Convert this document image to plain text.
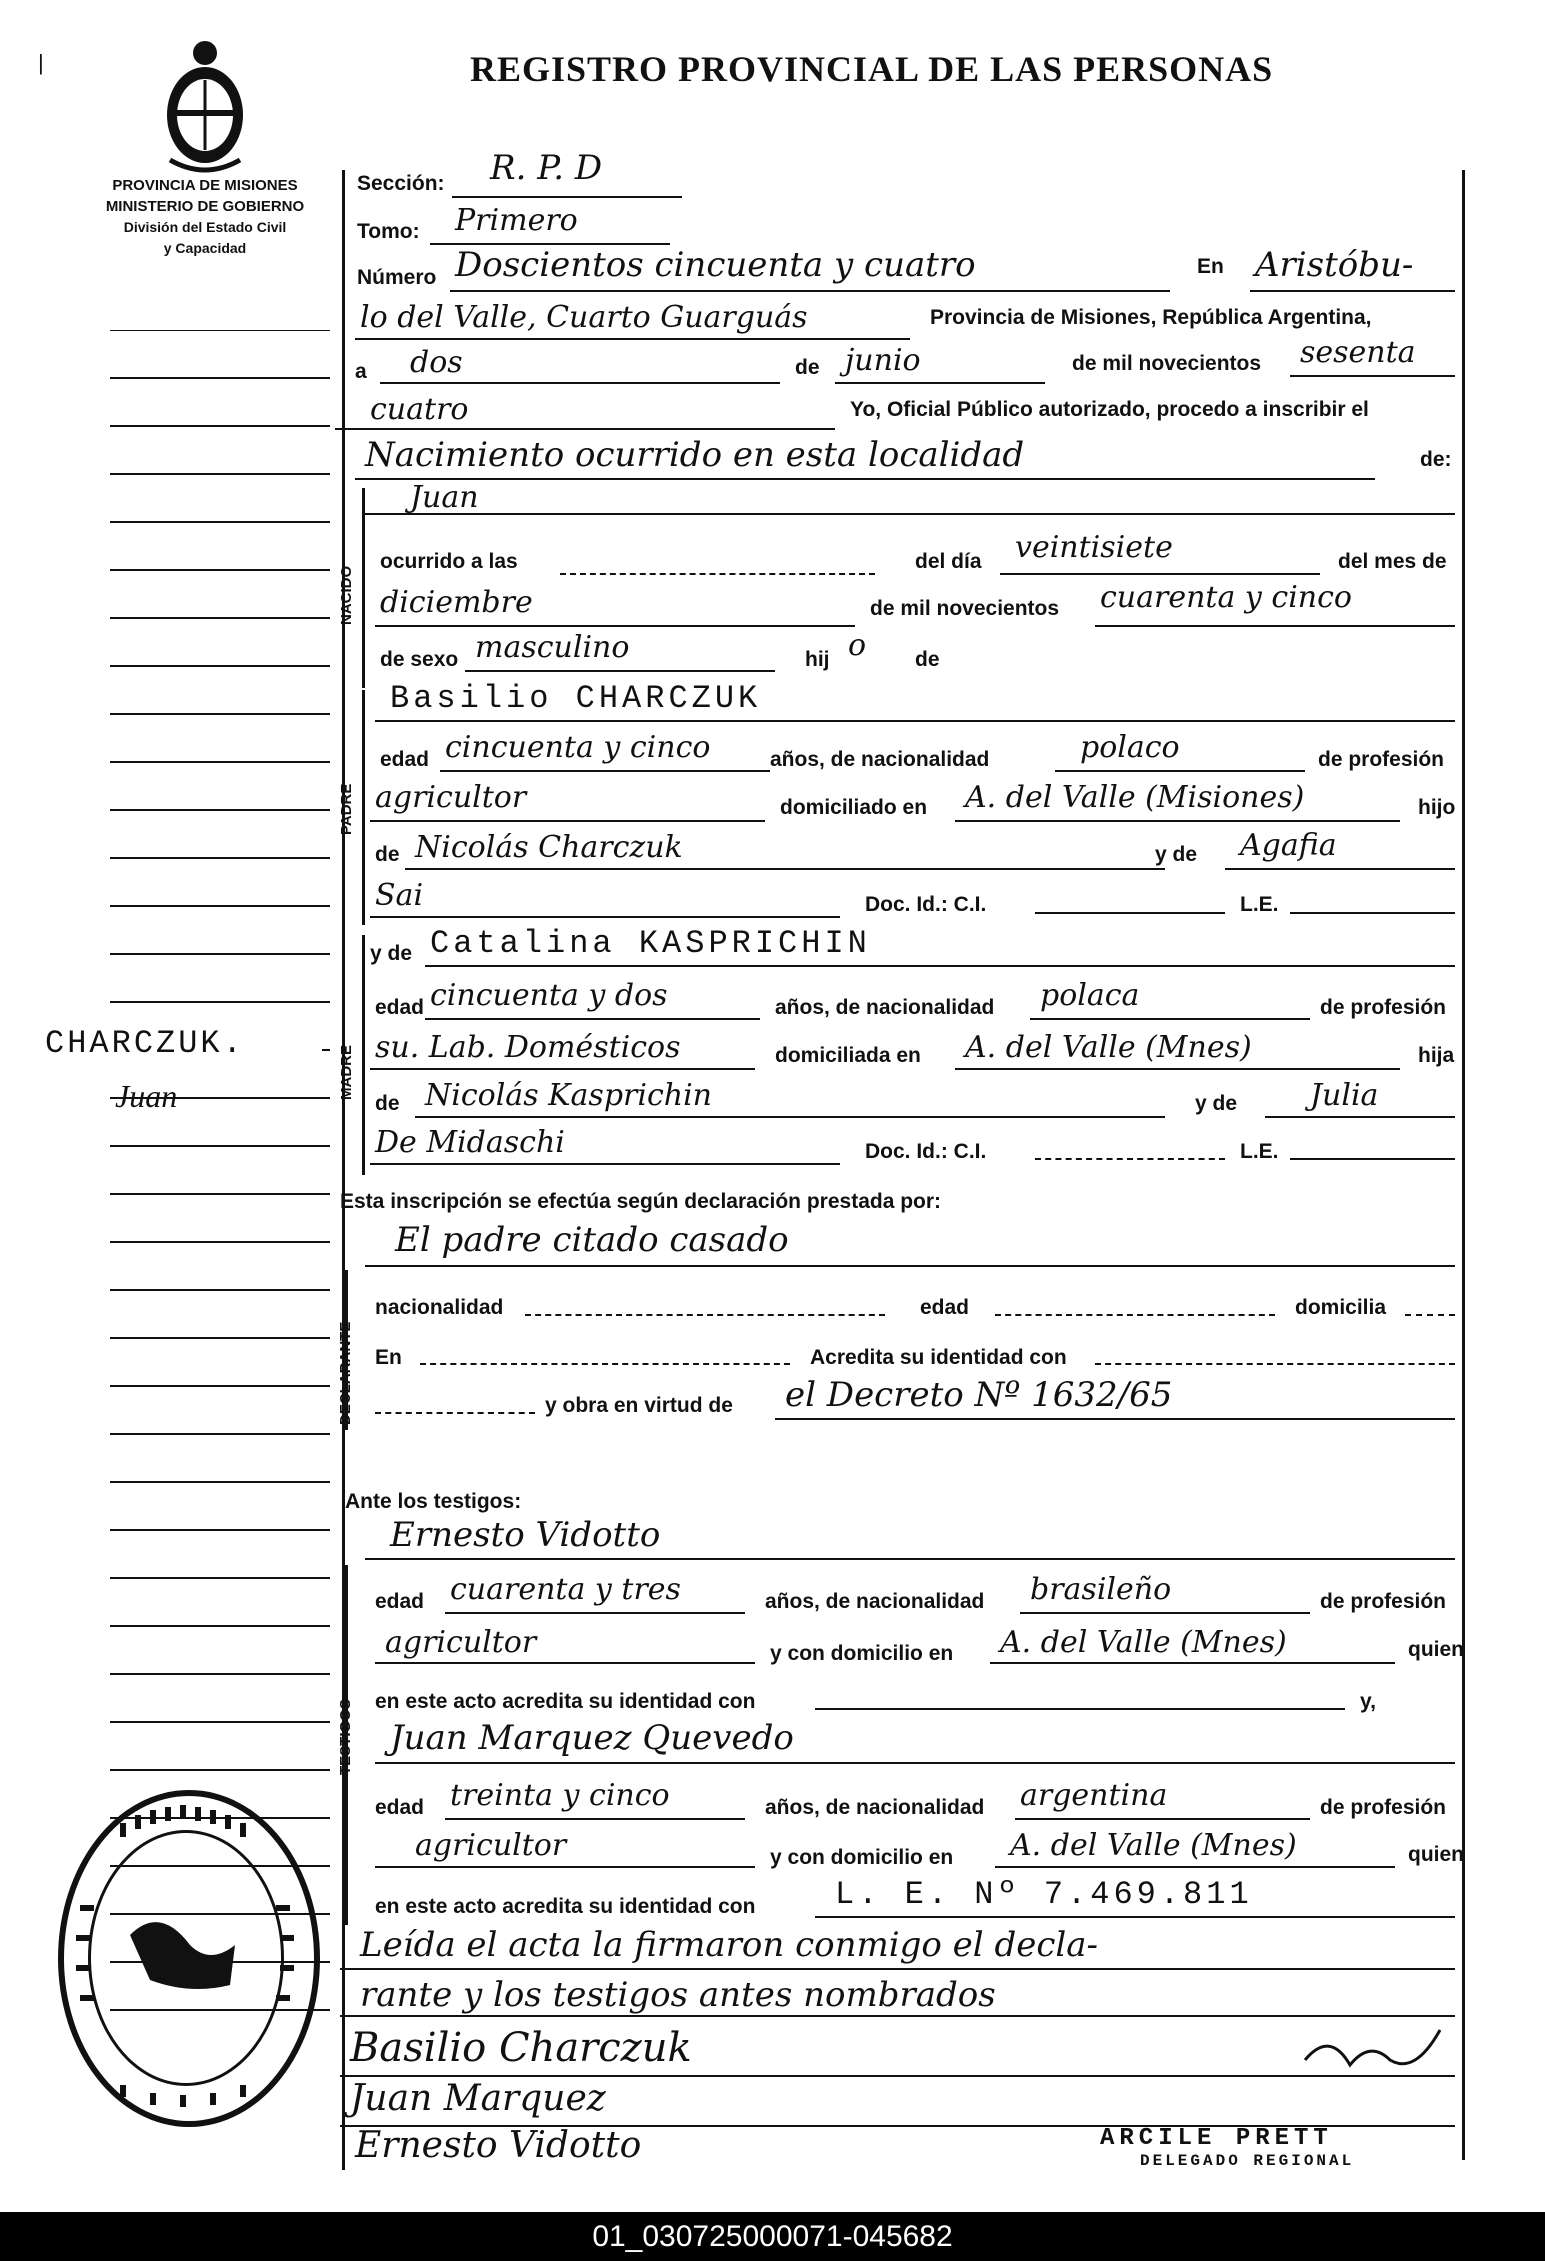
REGISTRO PROVINCIAL DE LAS PERSONAS
PROVINCIA DE MISIONES
MINISTERIO DE GOBIERNO
División del Estado Civil
y Capacidad
CHARCZUK.
Juan
Sección: R. P. D
Tomo: Primero
Número Doscientos cincuenta y cuatro	En Aristóbu-
lo del Valle, Cuarto Guarguás	Provincia de Misiones, República Argentina,
a dos	de junio	de mil novecientos sesenta
cuatro	Yo, Oficial Público autorizado, procedo a inscribir el
Nacimiento ocurrido en esta localidad	de:
NACIDO
Juan
ocurrido a las	del día veintisiete	del mes de
diciembre	de mil novecientos cuarenta y cinco
de sexo masculino	hij o de
PADRE
Basilio CHARCZUK
edad cincuenta y cinco	años, de nacionalidad	polaco	de profesión
agricultor	domiciliado en A. del Valle (Misiones)	hijo
de Nicolás Charczuk	y de Agafia
Sai	Doc. Id.: C.I.	L.E.
MADRE
y de Catalina KASPRICHIN
edad cincuenta y dos	años, de nacionalidad polaca	de profesión
su. Lab. Domésticos	domiciliada en A. del Valle (Mnes)	hija
de Nicolás Kasprichin	y de Julia
De Midaschi	Doc. Id.: C.I.	L.E.
Esta inscripción se efectúa según declaración prestada por:
El padre citado casado
DECLARANTE
nacionalidad	edad	domicilia
En	Acredita su identidad con
y obra en virtud de el Decreto Nº 1632/65
Ante los testigos:
Ernesto Vidotto
TESTIGOS
edad cuarenta y tres	años, de nacionalidad brasileño	de profesión
agricultor	y con domicilio en A. del Valle (Mnes)	quien
en este acto acredita su identidad con	y,
Juan Marquez Quevedo
edad treinta y cinco	años, de nacionalidad argentina	de profesión
agricultor	y con domicilio en A. del Valle (Mnes)	quien
en este acto acredita su identidad con L. E. Nº 7.469.811
Leída el acta la firmaron conmigo el decla-
rante y los testigos antes nombrados
Basilio Charczuk
Juan Marquez
Ernesto Vidotto	ARCILE PRETT
DELEGADO REGIONAL
|
01_030725000071-045682
